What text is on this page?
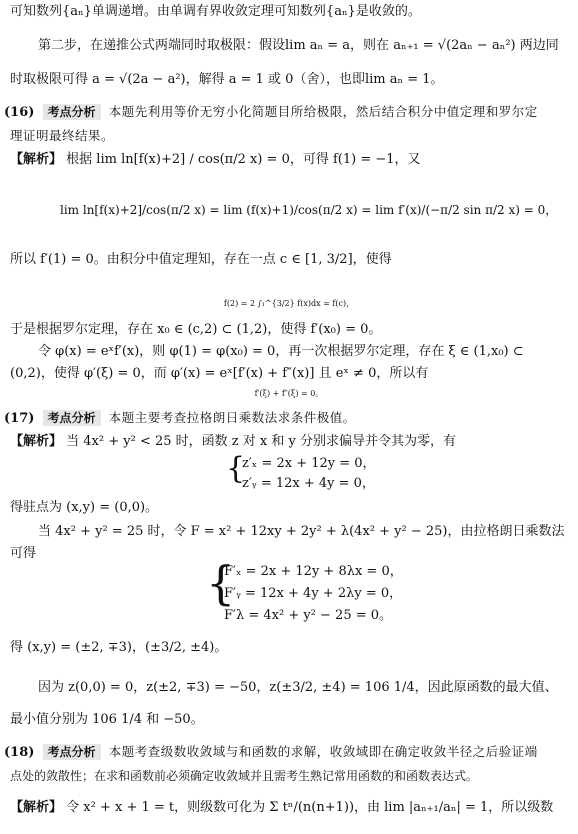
可知数列{aₙ}单调递增。由单调有界收敛定理可知数列{aₙ}是收敛的。
第二步，在递推公式两端同时取极限：假设lim aₙ = a，则在 aₙ₊₁ = √(2aₙ − aₙ²) 两边同
时取极限可得 a = √(2a − a²)，解得 a = 1 或 0（舍），也即lim aₙ = 1。
(16) 考点分析 本题先利用等价无穷小化简题目所给极限，然后结合积分中值定理和罗尔定
理证明最终结果。
【解析】 根据 lim ln[f(x)+2] / cos(π/2 x) = 0，可得 f(1) = −1，又
lim ln[f(x)+2]/cos(π/2 x) = lim (f(x)+1)/cos(π/2 x) = lim f′(x)/(−π/2 sin π/2 x) = 0，
所以 f′(1) = 0。由积分中值定理知，存在一点 c ∈ [1, 3/2]，使得
f(2) = 2 ∫₁^{3/2} f(x)dx = f(c)，
于是根据罗尔定理，存在 x₀ ∈ (c,2) ⊂ (1,2)，使得 f′(x₀) = 0。
令 φ(x) = eˣf′(x)，则 φ(1) = φ(x₀) = 0，再一次根据罗尔定理，存在 ξ ∈ (1,x₀) ⊂
(0,2)，使得 φ′(ξ) = 0，而 φ′(x) = eˣ[f′(x) + f″(x)] 且 eˣ ≠ 0，所以有
f′(ξ) + f″(ξ) = 0。
(17) 考点分析 本题主要考查拉格朗日乘数法求条件极值。
【解析】 当 4x² + y² < 25 时，函数 z 对 x 和 y 分别求偏导并令其为零，有
{
z′ₓ = 2x + 12y = 0，
z′ᵧ = 12x + 4y = 0，
得驻点为 (x,y) = (0,0)。
当 4x² + y² = 25 时，令 F = x² + 12xy + 2y² + λ(4x² + y² − 25)，由拉格朗日乘数法
可得
{
F′ₓ = 2x + 12y + 8λx = 0，
F′ᵧ = 12x + 4y + 2λy = 0，
F′λ = 4x² + y² − 25 = 0。
得 (x,y) = (±2, ∓3)，(±3/2, ±4)。
因为 z(0,0) = 0，z(±2, ∓3) = −50，z(±3/2, ±4) = 106 1/4，因此原函数的最大值、
最小值分别为 106 1/4 和 −50。
(18) 考点分析 本题考查级数收敛域与和函数的求解，收敛域即在确定收敛半径之后验证端
点处的敛散性；在求和函数前必须确定收敛域并且需考生熟记常用函数的和函数表达式。
【解析】 令 x² + x + 1 = t，则级数可化为 Σ tⁿ/(n(n+1))，由 lim |aₙ₊₁/aₙ| = 1，所以级数
